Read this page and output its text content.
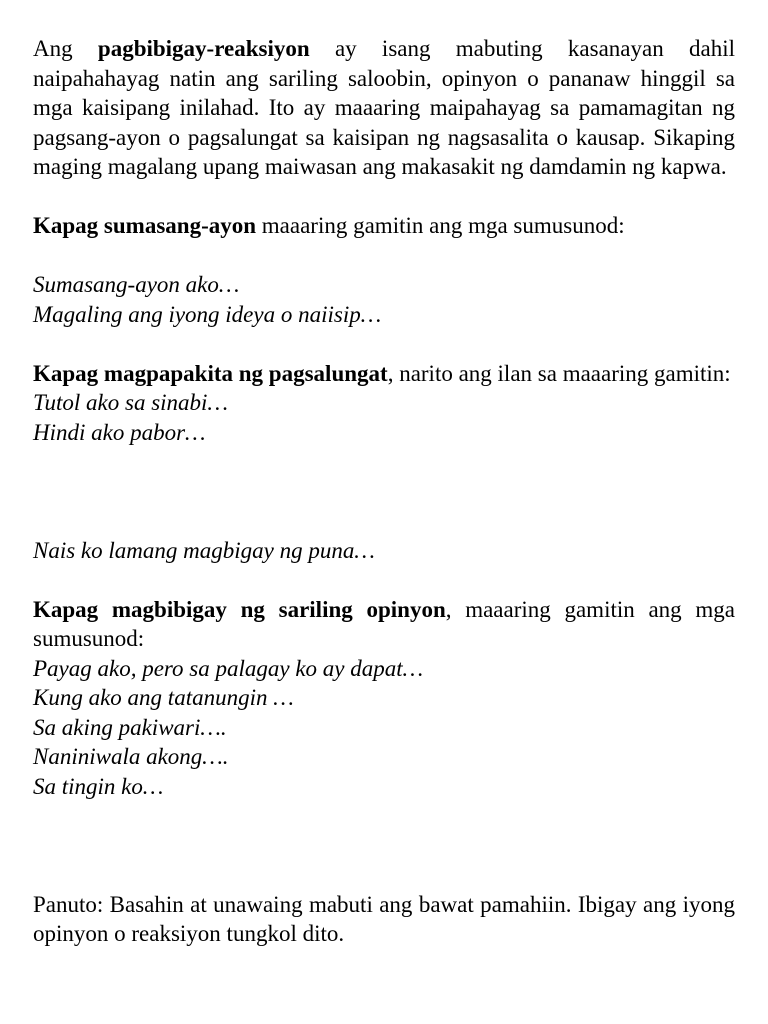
Ang pagbibigay-reaksiyon ay isang mabuting kasanayan dahil naipahahayag natin ang sariling saloobin, opinyon o pananaw hinggil sa mga kaisipang inilahad. Ito ay maaaring maipahayag sa pamamagitan ng pagsang-ayon o pagsalungat sa kaisipan ng nagsasalita o kausap. Sikaping maging magalang upang maiwasan ang makasakit ng damdamin ng kapwa.

Kapag sumasang-ayon maaaring gamitin ang mga sumusunod:

Sumasang-ayon ako…
Magaling ang iyong ideya o naiisip…

Kapag magpapakita ng pagsalungat, narito ang ilan sa maaaring gamitin:

Tutol ako sa sinabi…
Hindi ako pabor…
Nais ko lamang magbigay ng puna…

Kapag magbibigay ng sariling opinyon, maaaring gamitin ang mga sumusunod:

Payag ako, pero sa palagay ko ay dapat…
Kung ako ang tatanungin …
Sa aking pakiwari….
Naniniwala akong….
Sa tingin ko…

Panuto: Basahin at unawaing mabuti ang bawat pamahiin. Ibigay ang iyong opinyon o reaksiyon tungkol dito.
